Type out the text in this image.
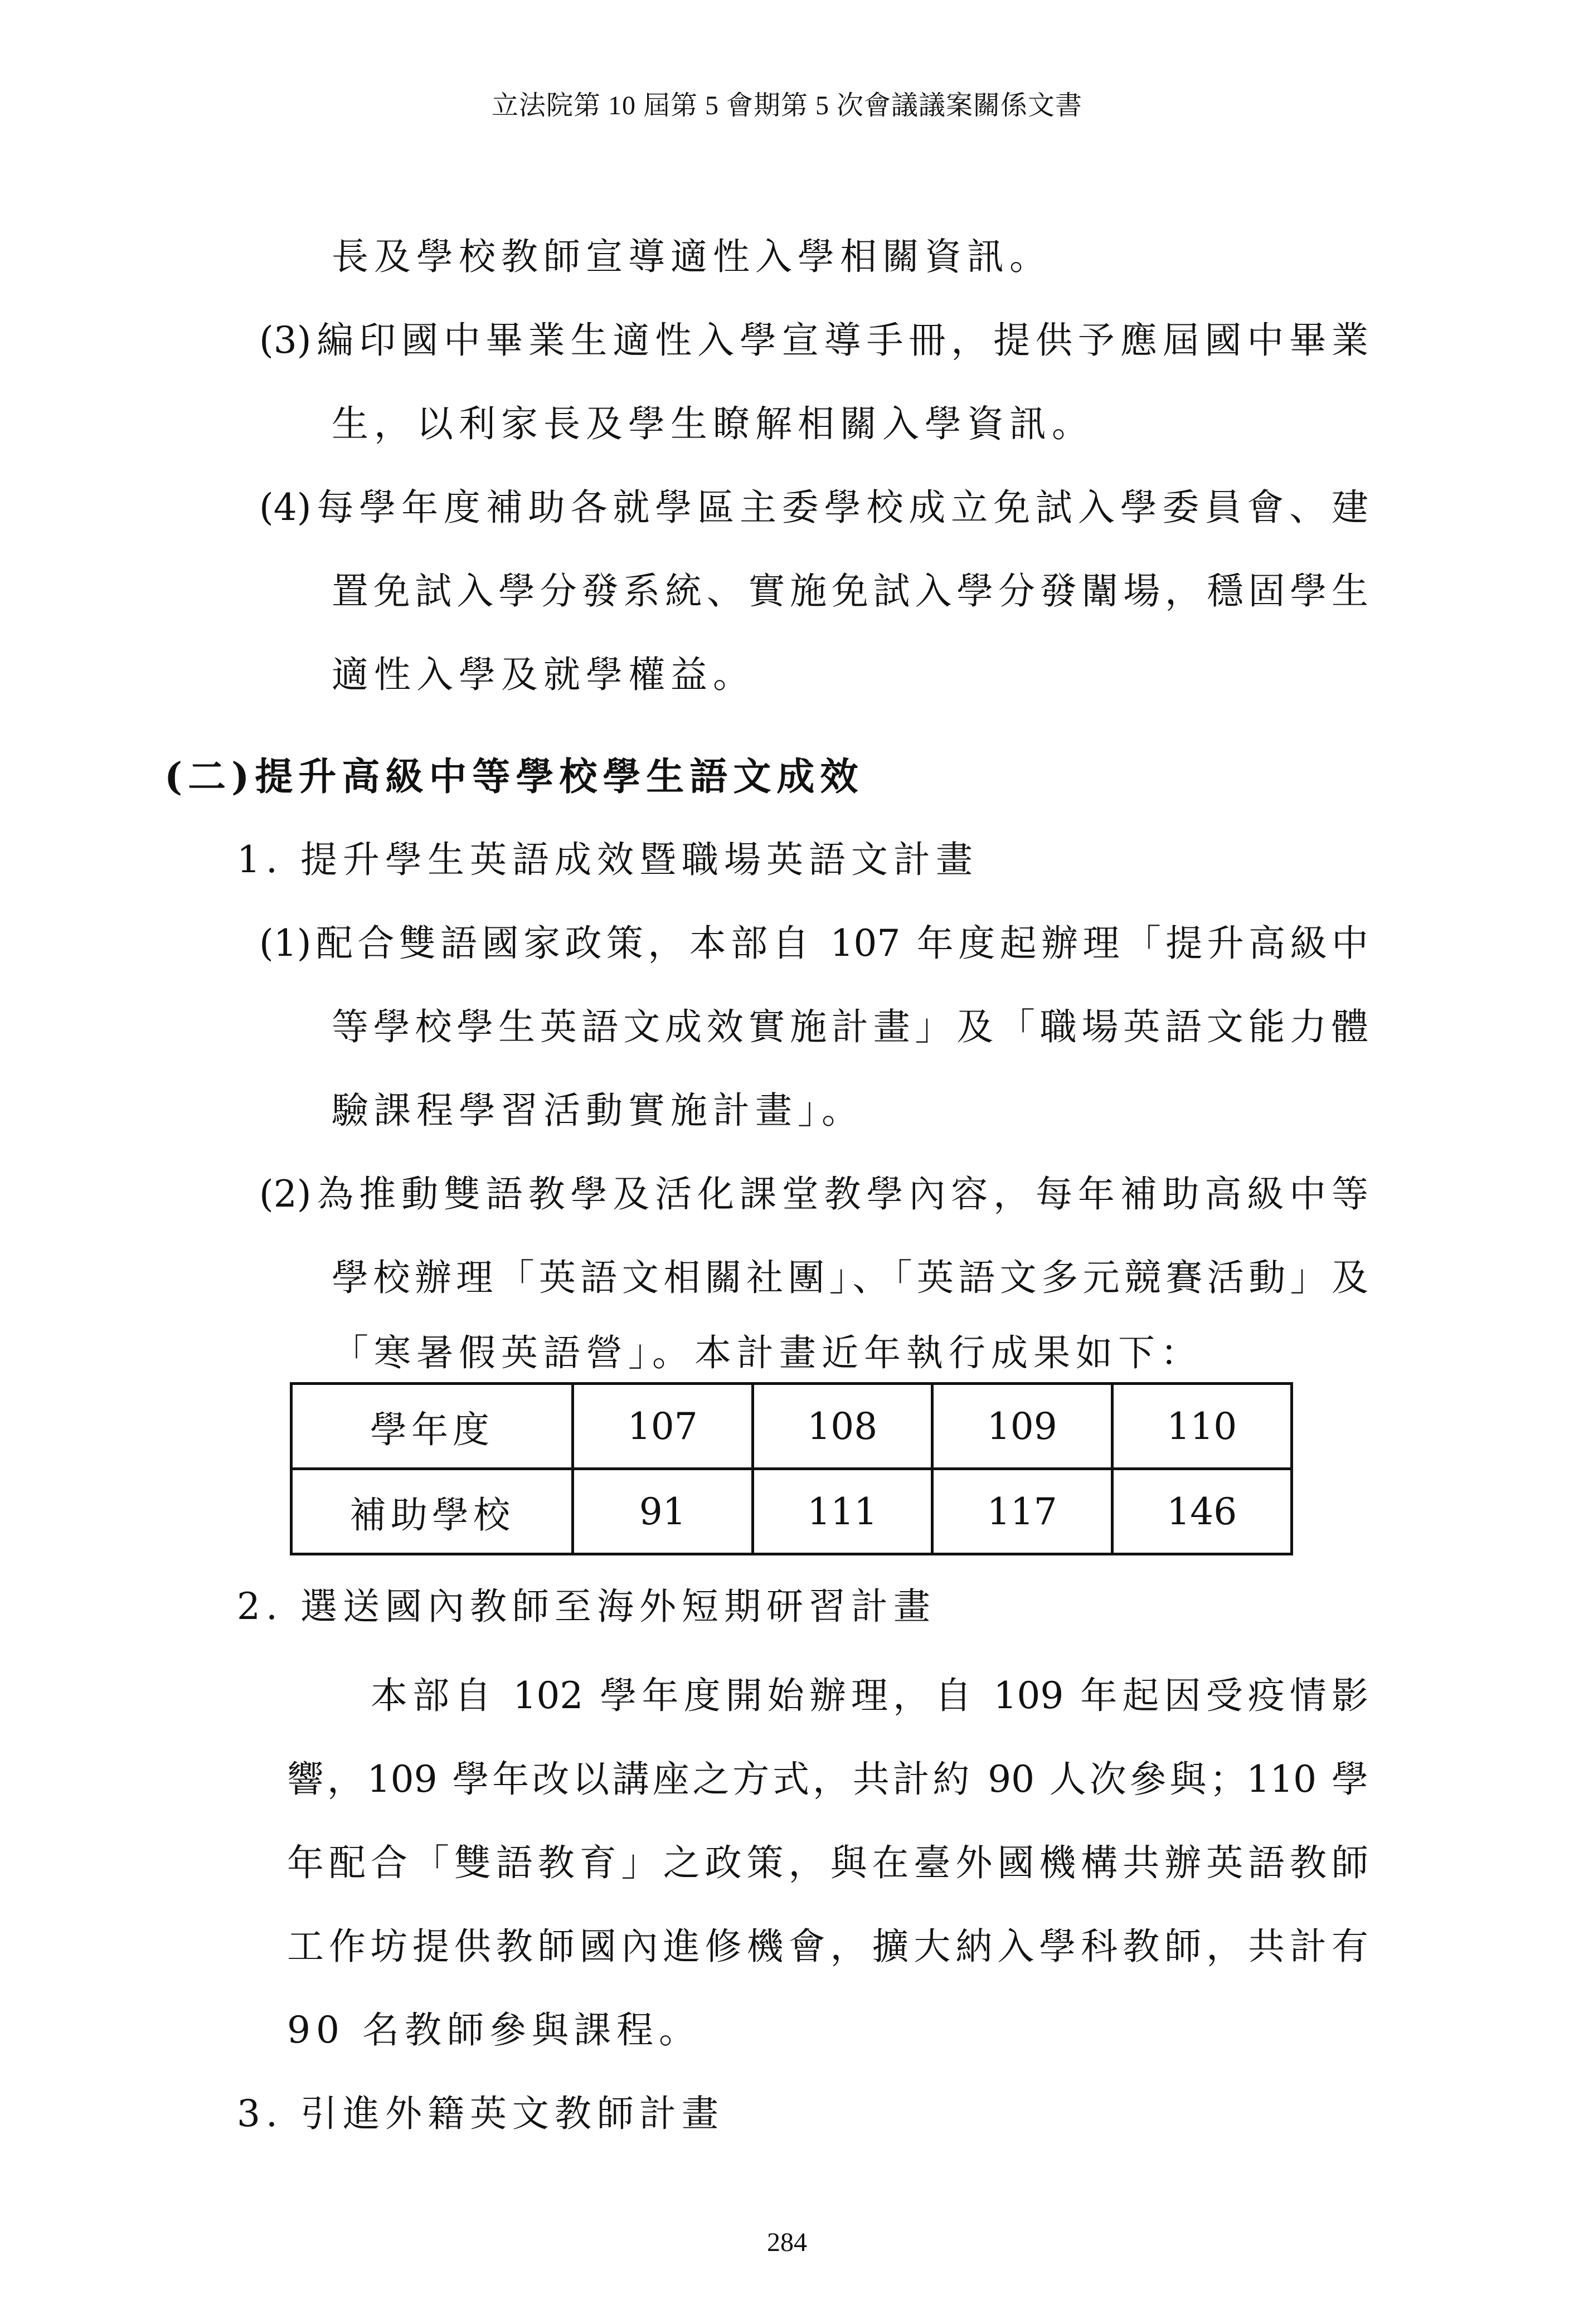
立法院第 10 屆第 5 會期第 5 次會議議案關係文書
長及學校教師宣導適性入學相關資訊。
(3)編印國中畢業生適性入學宣導手冊，提供予應屆國中畢業
生，以利家長及學生瞭解相關入學資訊。
(4)每學年度補助各就學區主委學校成立免試入學委員會、建
置免試入學分發系統、實施免試入學分發闈場，穩固學生
適性入學及就學權益。
(二)提升高級中等學校學生語文成效
1. 提升學生英語成效暨職場英語文計畫
(1)配合雙語國家政策，本部自 107 年度起辦理「提升高級中
等學校學生英語文成效實施計畫」及「職場英語文能力體
驗課程學習活動實施計畫」。
(2)為推動雙語教學及活化課堂教學內容，每年補助高級中等
學校辦理「英語文相關社團」、「英語文多元競賽活動」及
「寒暑假英語營」。本計畫近年執行成果如下：
學年度	107	108	109	110
補助學校	91	111	117	146
2. 選送國內教師至海外短期研習計畫
本部自 102 學年度開始辦理，自 109 年起因受疫情影
響，109 學年改以講座之方式，共計約 90 人次參與；110 學
年配合「雙語教育」之政策，與在臺外國機構共辦英語教師
工作坊提供教師國內進修機會，擴大納入學科教師，共計有
90 名教師參與課程。
3. 引進外籍英文教師計畫
284
